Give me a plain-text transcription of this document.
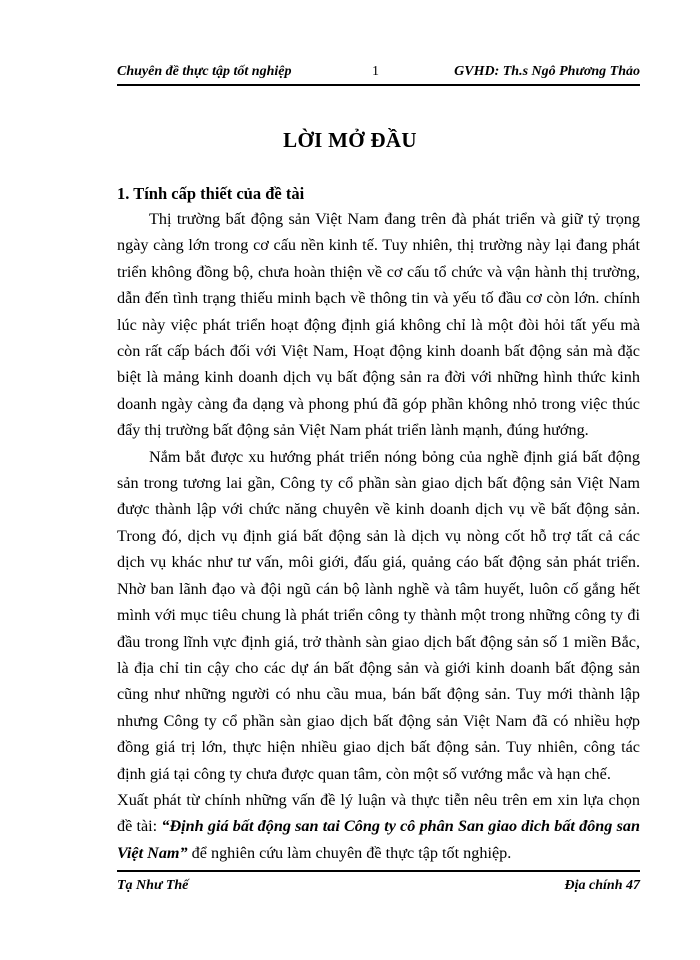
Chuyên đề thực tập tốt nghiệp	1	GVHD: Th.s Ngô Phương Thảo
LỜI MỞ ĐẦU
1. Tính cấp thiết của đề tài

Thị trường bất động sản Việt Nam đang trên đà phát triển và giữ tỷ trọng ngày càng lớn trong cơ cấu nền kinh tế. Tuy nhiên, thị trường này lại đang phát triển không đồng bộ, chưa hoàn thiện về cơ cấu tổ chức và vận hành thị trường, dẫn đến tình trạng thiếu minh bạch về thông tin và yếu tố đầu cơ còn lớn. chính lúc này việc phát triển hoạt động định giá không chỉ là một đòi hỏi tất yếu mà còn rất cấp bách đối với Việt Nam, Hoạt động kinh doanh bất động sản mà đặc biệt là mảng kinh doanh dịch vụ bất động sản ra đời với những hình thức kinh doanh ngày càng đa dạng và phong phú đã góp phần không nhỏ trong việc thúc đẩy thị trường bất động sản Việt Nam phát triển lành mạnh, đúng hướng.

Nắm bắt được xu hướng phát triển nóng bỏng của nghề định giá bất động sản trong tương lai gần, Công ty cổ phần sàn giao dịch bất động sản Việt Nam được thành lập với chức năng chuyên về kinh doanh dịch vụ về bất động sản. Trong đó, dịch vụ định giá bất động sản là dịch vụ nòng cốt hỗ trợ tất cả các dịch vụ khác như tư vấn, môi giới, đấu giá, quảng cáo bất động sản phát triển. Nhờ ban lãnh đạo và đội ngũ cán bộ lành nghề và tâm huyết, luôn cố gắng hết mình với mục tiêu chung là phát triển công ty thành một trong những công ty đi đầu trong lĩnh vực định giá, trở thành sàn giao dịch bất động sản số 1 miền Bắc, là địa chỉ tin cậy cho các dự án bất động sản và giới kinh doanh bất động sản cũng như những người có nhu cầu mua, bán bất động sản. Tuy mới thành lập nhưng Công ty cổ phần sàn giao dịch bất động sản Việt Nam đã có nhiều hợp đồng giá trị lớn, thực hiện nhiều giao dịch bất động sản. Tuy nhiên, công tác định giá tại công ty chưa được quan tâm, còn một số vướng mắc và hạn chế.

Xuất phát từ chính những vấn đề lý luận và thực tiễn nêu trên em xin lựa chọn đề tài: “Định giá bất động san tai Công ty cô phân San giao dich bất đông san Việt Nam” để nghiên cứu làm chuyên đề thực tập tốt nghiệp.

Tạ Như Thế	Địa chính 47
